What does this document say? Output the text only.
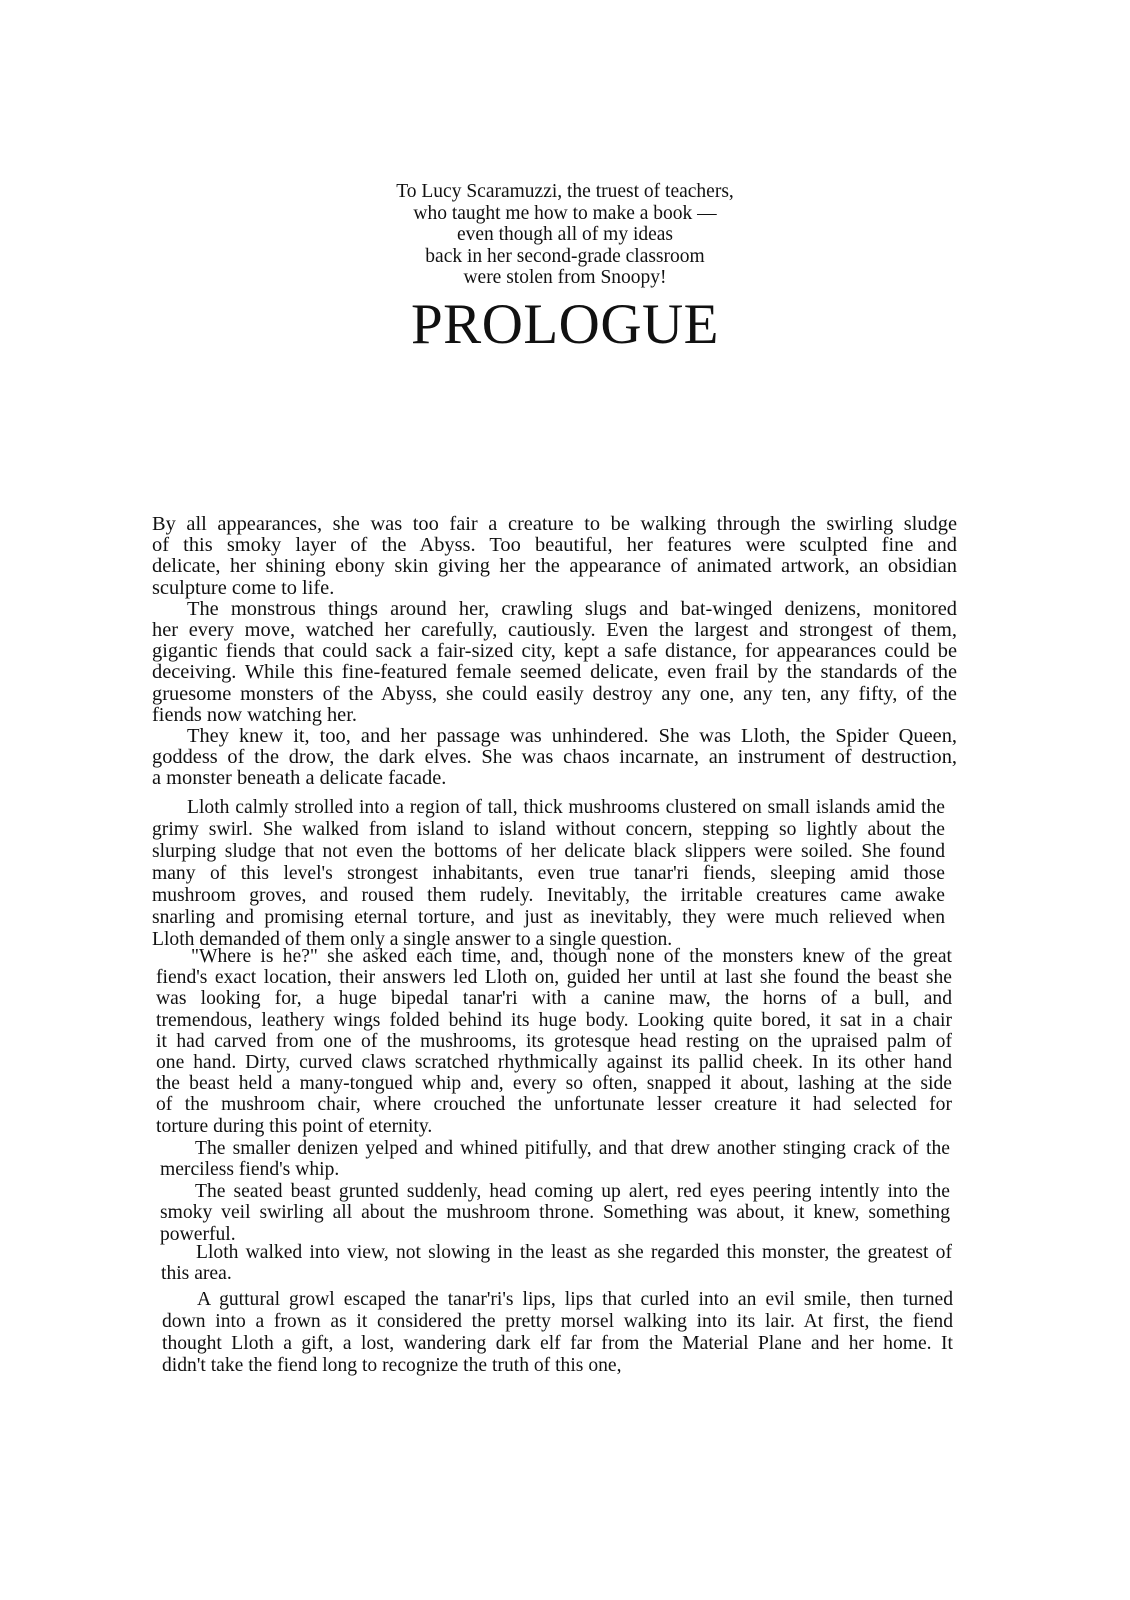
To Lucy Scaramuzzi, the truest of teachers,
who taught me how to make a book —
even though all of my ideas
back in her second-grade classroom
were stolen from Snoopy!
PROLOGUE
By all appearances, she was too fair a creature to be walking through the swirling sludge
of this smoky layer of the Abyss. Too beautiful, her features were sculpted fine and
delicate, her shining ebony skin giving her the appearance of animated artwork, an obsidian
sculpture come to life.
The monstrous things around her, crawling slugs and bat-winged denizens, monitored
her every move, watched her carefully, cautiously. Even the largest and strongest of them,
gigantic fiends that could sack a fair-sized city, kept a safe distance, for appearances could be
deceiving. While this fine-featured female seemed delicate, even frail by the standards of the
gruesome monsters of the Abyss, she could easily destroy any one, any ten, any fifty, of the
fiends now watching her.
They knew it, too, and her passage was unhindered. She was Lloth, the Spider Queen,
goddess of the drow, the dark elves. She was chaos incarnate, an instrument of destruction,
a monster beneath a delicate facade.
Lloth calmly strolled into a region of tall, thick mushrooms clustered on small islands amid the
grimy swirl. She walked from island to island without concern, stepping so lightly about the
slurping sludge that not even the bottoms of her delicate black slippers were soiled. She found
many of this level's strongest inhabitants, even true tanar'ri fiends, sleeping amid those
mushroom groves, and roused them rudely. Inevitably, the irritable creatures came awake
snarling and promising eternal torture, and just as inevitably, they were much relieved when
Lloth demanded of them only a single answer to a single question.
"Where is he?" she asked each time, and, though none of the monsters knew of the great
fiend's exact location, their answers led Lloth on, guided her until at last she found the beast she
was looking for, a huge bipedal tanar'ri with a canine maw, the horns of a bull, and
tremendous, leathery wings folded behind its huge body. Looking quite bored, it sat in a chair
it had carved from one of the mushrooms, its grotesque head resting on the upraised palm of
one hand. Dirty, curved claws scratched rhythmically against its pallid cheek. In its other hand
the beast held a many-tongued whip and, every so often, snapped it about, lashing at the side
of the mushroom chair, where crouched the unfortunate lesser creature it had selected for
torture during this point of eternity.
The smaller denizen yelped and whined pitifully, and that drew another stinging crack of the
merciless fiend's whip.
The seated beast grunted suddenly, head coming up alert, red eyes peering intently into the
smoky veil swirling all about the mushroom throne. Something was about, it knew, something
powerful.
Lloth walked into view, not slowing in the least as she regarded this monster, the greatest of
this area.
A guttural growl escaped the tanar'ri's lips, lips that curled into an evil smile, then turned
down into a frown as it considered the pretty morsel walking into its lair. At first, the fiend
thought Lloth a gift, a lost, wandering dark elf far from the Material Plane and her home. It
didn't take the fiend long to recognize the truth of this one,
